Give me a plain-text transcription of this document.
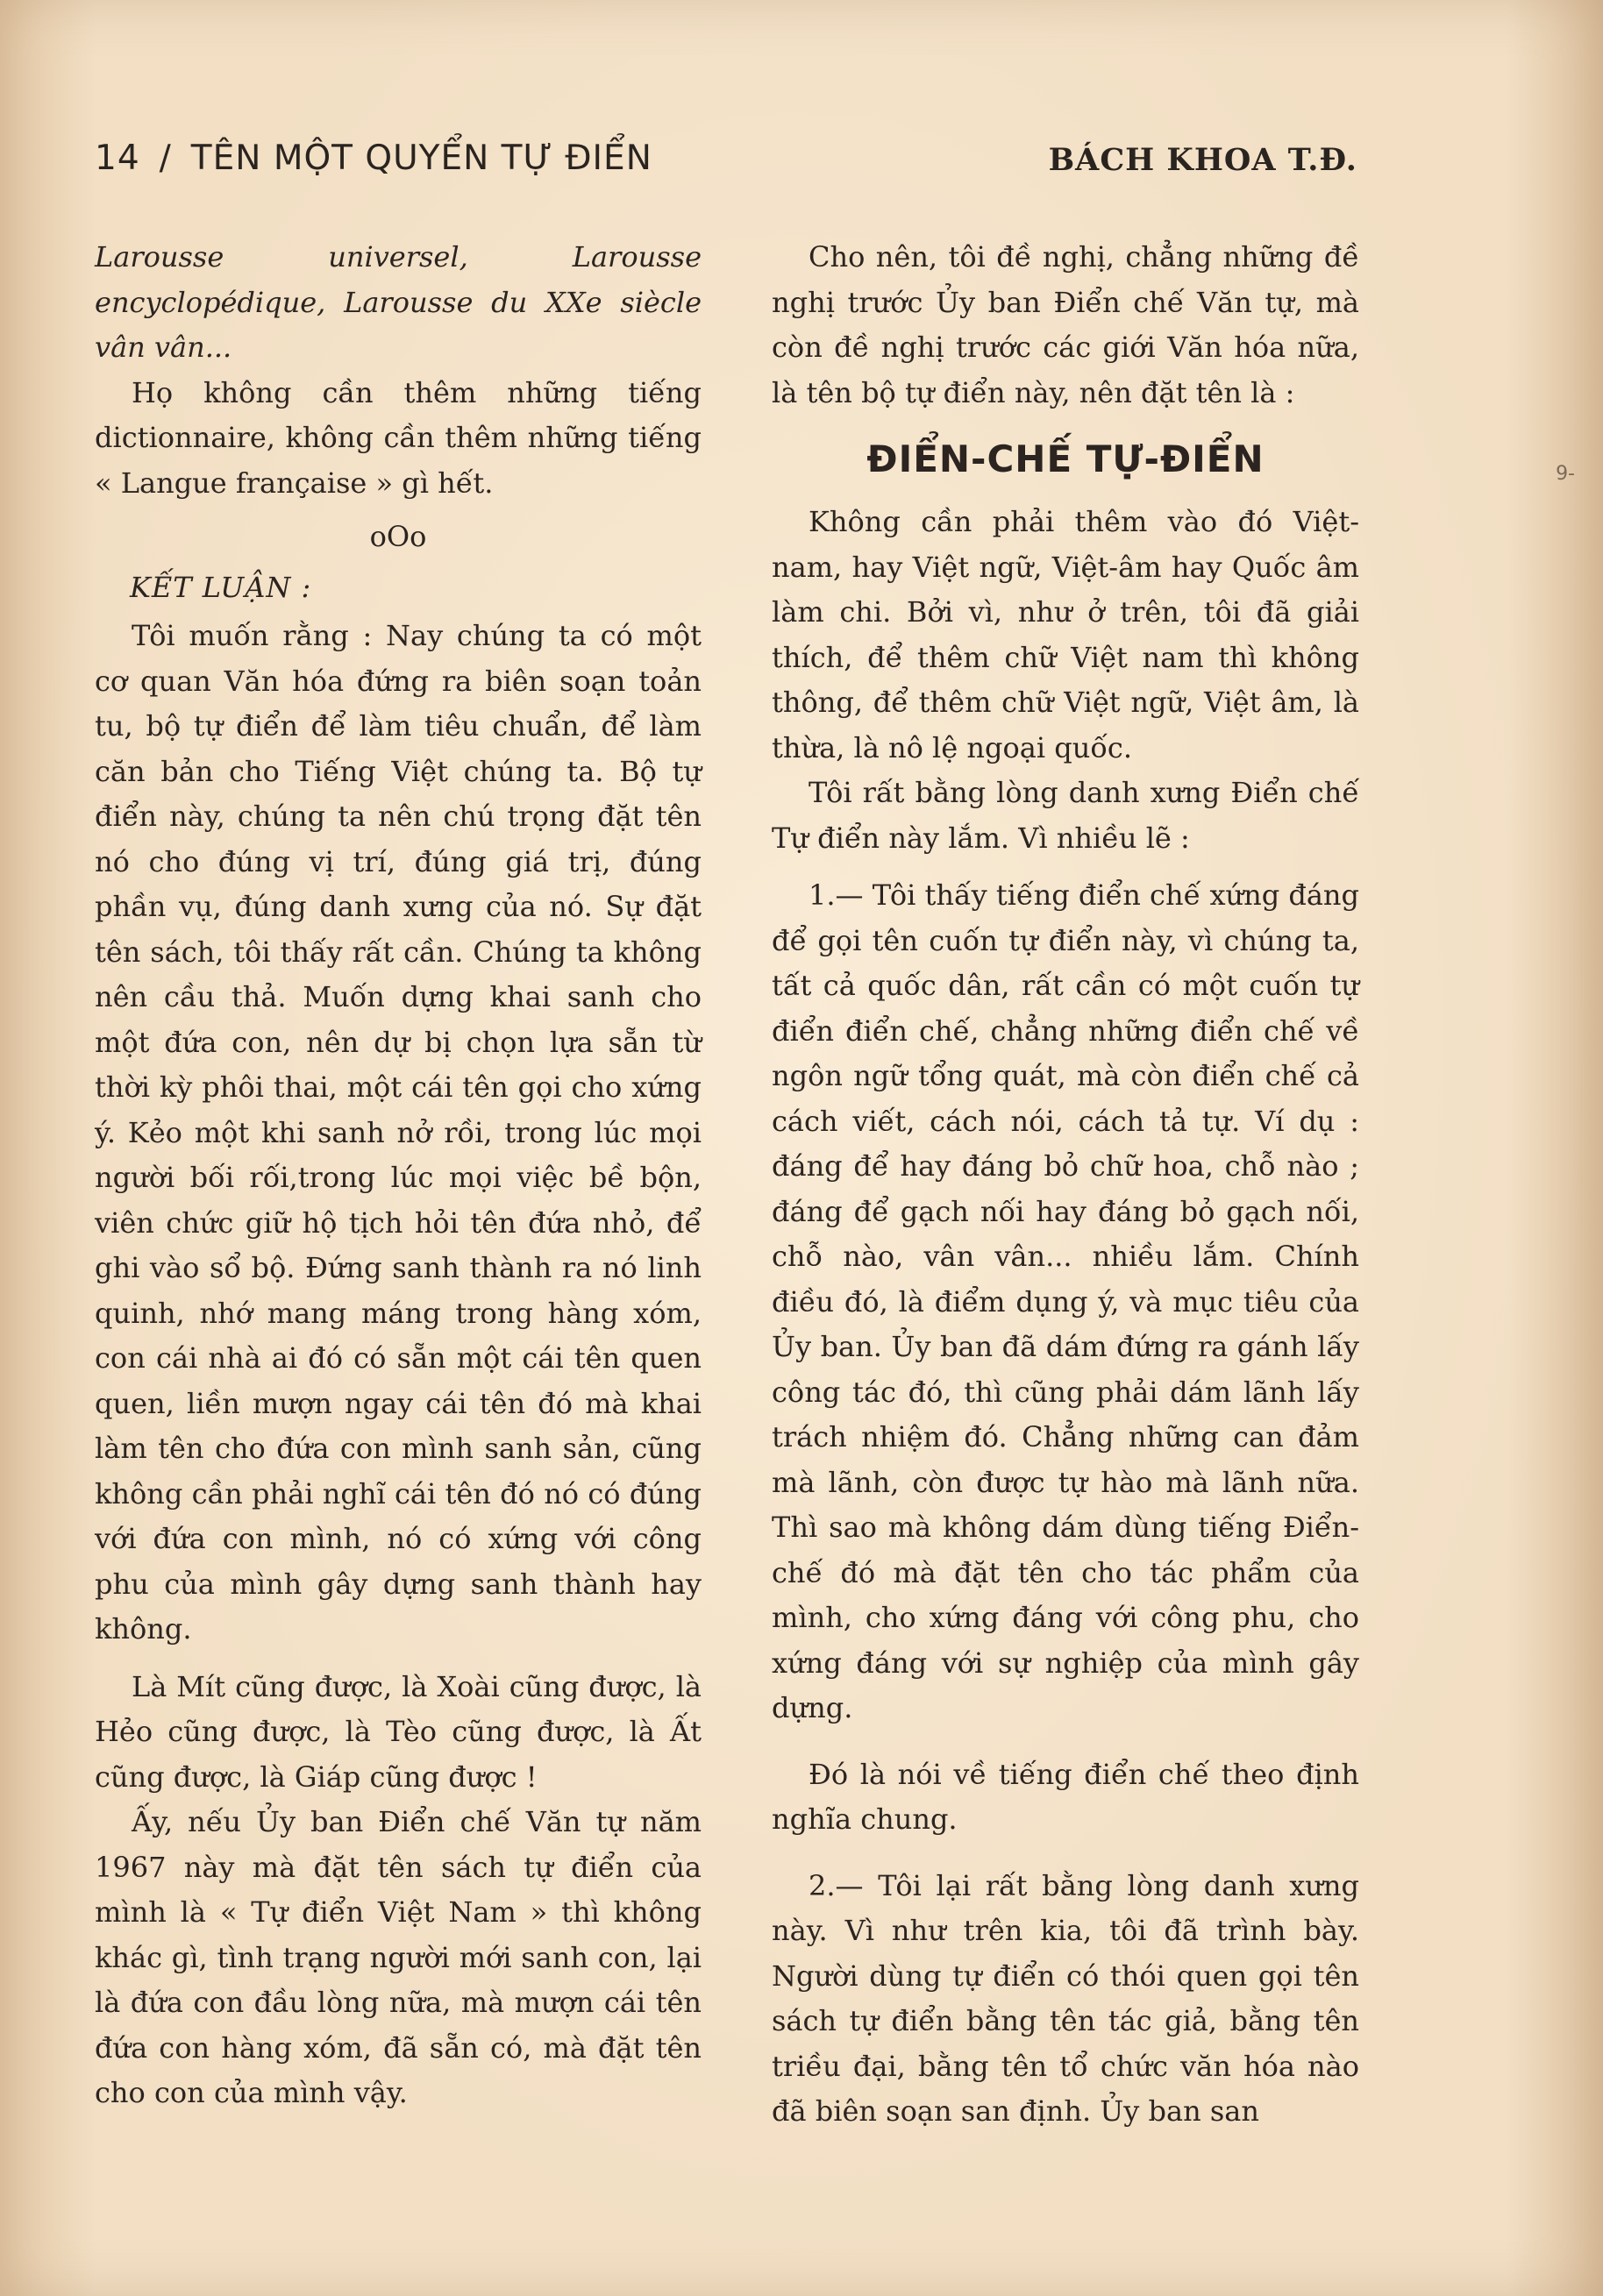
14 / TÊN MỘT QUYỂN TỰ ĐIỂN	BÁCH KHOA T.Đ.

Larousse universel, Larousse encyclopédique, Larousse du XXe siècle vân vân...

Họ không cần thêm những tiếng dictionnaire, không cần thêm những tiếng « Langue française » gì hết.

oOo

KẾT LUẬN :

Tôi muốn rằng : Nay chúng ta có một cơ quan Văn hóa đứng ra biên soạn toản tu, bộ tự điển để làm tiêu chuẩn, để làm căn bản cho Tiếng Việt chúng ta. Bộ tự điển này, chúng ta nên chú trọng đặt tên nó cho đúng vị trí, đúng giá trị, đúng phần vụ, đúng danh xưng của nó. Sự đặt tên sách, tôi thấy rất cần. Chúng ta không nên cầu thả. Muốn dựng khai sanh cho một đứa con, nên dự bị chọn lựa sẵn từ thời kỳ phôi thai, một cái tên gọi cho xứng ý. Kẻo một khi sanh nở rồi, trong lúc mọi người bối rối,trong lúc mọi việc bề bộn, viên chức giữ hộ tịch hỏi tên đứa nhỏ, để ghi vào sổ bộ. Đứng sanh thành ra nó linh quinh, nhớ mang máng trong hàng xóm, con cái nhà ai đó có sẵn một cái tên quen quen, liền mượn ngay cái tên đó mà khai làm tên cho đứa con mình sanh sản, cũng không cần phải nghĩ cái tên đó nó có đúng với đứa con mình, nó có xứng với công phu của mình gây dựng sanh thành hay không.

Là Mít cũng được, là Xoài cũng được, là Hẻo cũng được, là Tèo cũng được, là Ất cũng được, là Giáp cũng được !

Ấy, nếu Ủy ban Điển chế Văn tự năm 1967 này mà đặt tên sách tự điển của mình là « Tự điển Việt Nam » thì không khác gì, tình trạng người mới sanh con, lại là đứa con đầu lòng nữa, mà mượn cái tên đứa con hàng xóm, đã sẵn có, mà đặt tên cho con của mình vậy.

Cho nên, tôi đề nghị, chẳng những đề nghị trước Ủy ban Điển chế Văn tự, mà còn đề nghị trước các giới Văn hóa nữa, là tên bộ tự điển này, nên đặt tên là :

ĐIỂN-CHẾ TỰ-ĐIỂN

Không cần phải thêm vào đó Việt-nam, hay Việt ngữ, Việt-âm hay Quốc âm làm chi. Bởi vì, như ở trên, tôi đã giải thích, để thêm chữ Việt nam thì không thông, để thêm chữ Việt ngữ, Việt âm, là thừa, là nô lệ ngoại quốc.

Tôi rất bằng lòng danh xưng Điển chế Tự điển này lắm. Vì nhiều lẽ :

1.— Tôi thấy tiếng điển chế xứng đáng để gọi tên cuốn tự điển này, vì chúng ta, tất cả quốc dân, rất cần có một cuốn tự điển điển chế, chẳng những điển chế về ngôn ngữ tổng quát, mà còn điển chế cả cách viết, cách nói, cách tả tự. Ví dụ : đáng để hay đáng bỏ chữ hoa, chỗ nào ; đáng để gạch nối hay đáng bỏ gạch nối, chỗ nào, vân vân... nhiều lắm. Chính điều đó, là điểm dụng ý, và mục tiêu của Ủy ban. Ủy ban đã dám đứng ra gánh lấy công tác đó, thì cũng phải dám lãnh lấy trách nhiệm đó. Chẳng những can đảm mà lãnh, còn được tự hào mà lãnh nữa. Thì sao mà không dám dùng tiếng Điển-chế đó mà đặt tên cho tác phẩm của mình, cho xứng đáng với công phu, cho xứng đáng với sự nghiệp của mình gây dựng.

Đó là nói về tiếng điển chế theo định nghĩa chung.

2.— Tôi lại rất bằng lòng danh xưng này. Vì như trên kia, tôi đã trình bày. Người dùng tự điển có thói quen gọi tên sách tự điển bằng tên tác giả, bằng tên triều đại, bằng tên tổ chức văn hóa nào đã biên soạn san định. Ủy ban san

9-
